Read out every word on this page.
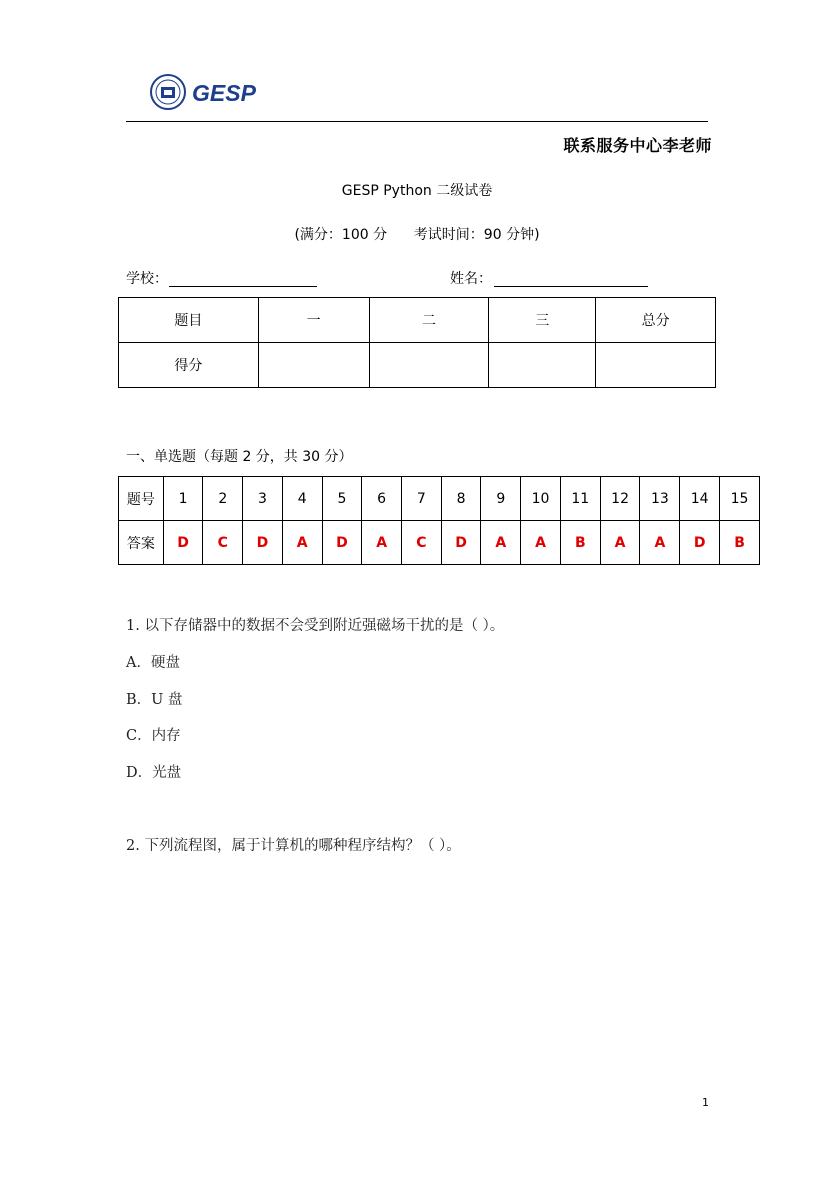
GESP
联系服务中心李老师
GESP Python 二级试卷
(满分：100 分      考试时间：90 分钟)
学校：	姓名：
题目	一	二	三	总分
得分				
一、单选题（每题 2 分，共 30 分）
题号	1	2	3	4	5	6	7	8	9	10	11	12	13	14	15
答案	D	C	D	A	D	A	C	D	A	A	B	A	A	D	B
1. 以下存储器中的数据不会受到附近强磁场干扰的是（ ）。
A．硬盘
B．U 盘
C．内存
D．光盘
2. 下列流程图，属于计算机的哪种程序结构？（ ）。
1
